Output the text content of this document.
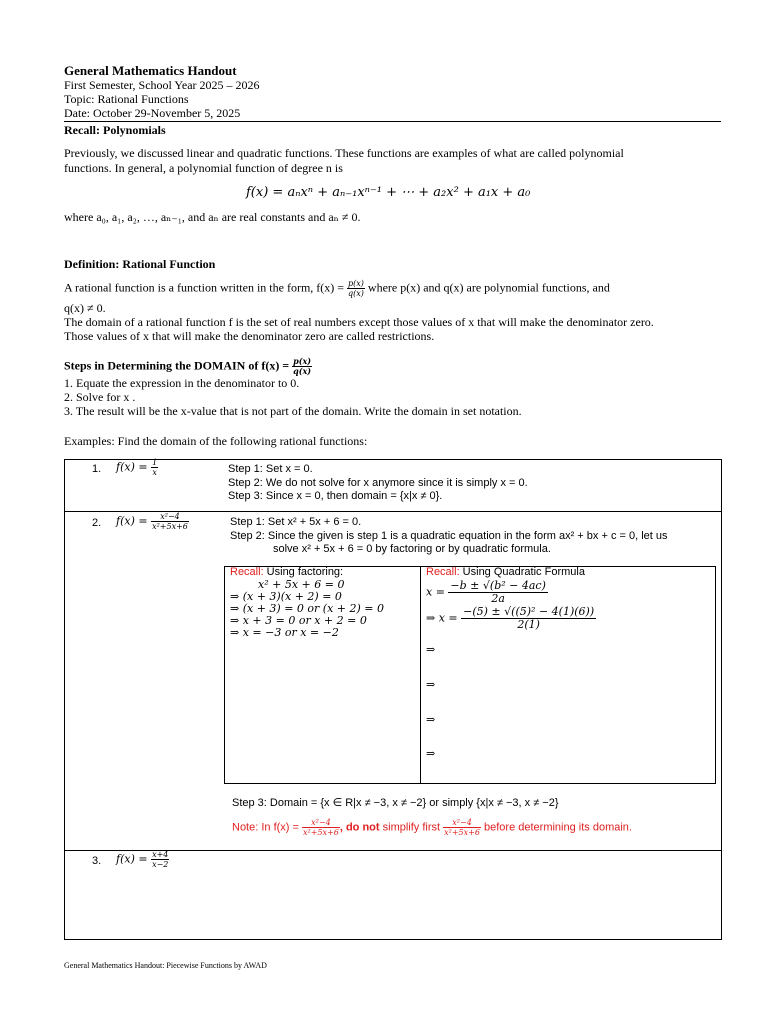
General Mathematics Handout
First Semester, School Year 2025 – 2026
Topic: Rational Functions
Date: October 29-November 5, 2025
Recall: Polynomials
Previously, we discussed linear and quadratic functions. These functions are examples of what are called polynomial
functions. In general, a polynomial function of degree n is
f(x) = aₙxⁿ + aₙ₋₁xⁿ⁻¹ + ⋯ + a₂x² + a₁x + a₀
where a₀, a₁, a₂, …, aₙ₋₁, and aₙ are real constants and aₙ ≠ 0.
Definition: Rational Function
A rational function is a function written in the form, $f(x) = \frac{p(x)}{q(x)}$ where p(x) and q(x) are polynomial functions, and
q(x) ≠ 0.
The domain of a rational function f is the set of real numbers except those values of x that will make the denominator zero.
Those values of x that will make the denominator zero are called restrictions.
Steps in Determining the DOMAIN of $f(x) = \frac{p(x)}{q(x)}$
1. Equate the expression in the denominator to 0.
2. Solve for x .
3. The result will be the x-value that is not part of the domain. Write the domain in set notation.
Examples: Find the domain of the following rational functions:
1. $f(x) = \frac{1}{x}$	Step 1: Set x = 0.
Step 2: We do not solve for x anymore since it is simply x = 0.
Step 3: Since x = 0, then domain = {x|x ≠ 0}.
2. $f(x) = \frac{\text{x²−4}}{\text{x²+5x+6}}$	Step 1: Set x² + 5x + 6 = 0.
Step 2: Since the given is step 1 is a quadratic equation in the form ax² + bx + c = 0, let us
solve x² + 5x + 6 = 0 by factoring or by quadratic formula.
Recall: Using factoring:
x² + 5x + 6 = 0
⇒ (x + 3)(x + 2) = 0
⇒ (x + 3) = 0 or (x + 2) = 0
⇒ x + 3 = 0 or x + 2 = 0
⇒ x = −3 or x = −2
Recall: Using Quadratic Formula
$x = \frac{\text{−b ± √(b² − 4ac)}}{2a}$
⇒ $x = \frac{\text{−(5) ± √((5)² − 4(1)(6))}}{2(1)}$
⇒
⇒
⇒
⇒
Step 3: Domain = {x ∈ R|x ≠ −3, x ≠ −2} or simply {x|x ≠ −3, x ≠ −2}
Note: In $f(x) = \frac{\text{x²−4}}{\text{x²+5x+6}}$ , do not simplify first $\frac{\text{x²−4}}{\text{x²+5x+6}}$ before determining its domain.
3. $f(x) = \frac{x+4}{x-2}$
General Mathematics Handout: Piecewise Functions by AWAD
